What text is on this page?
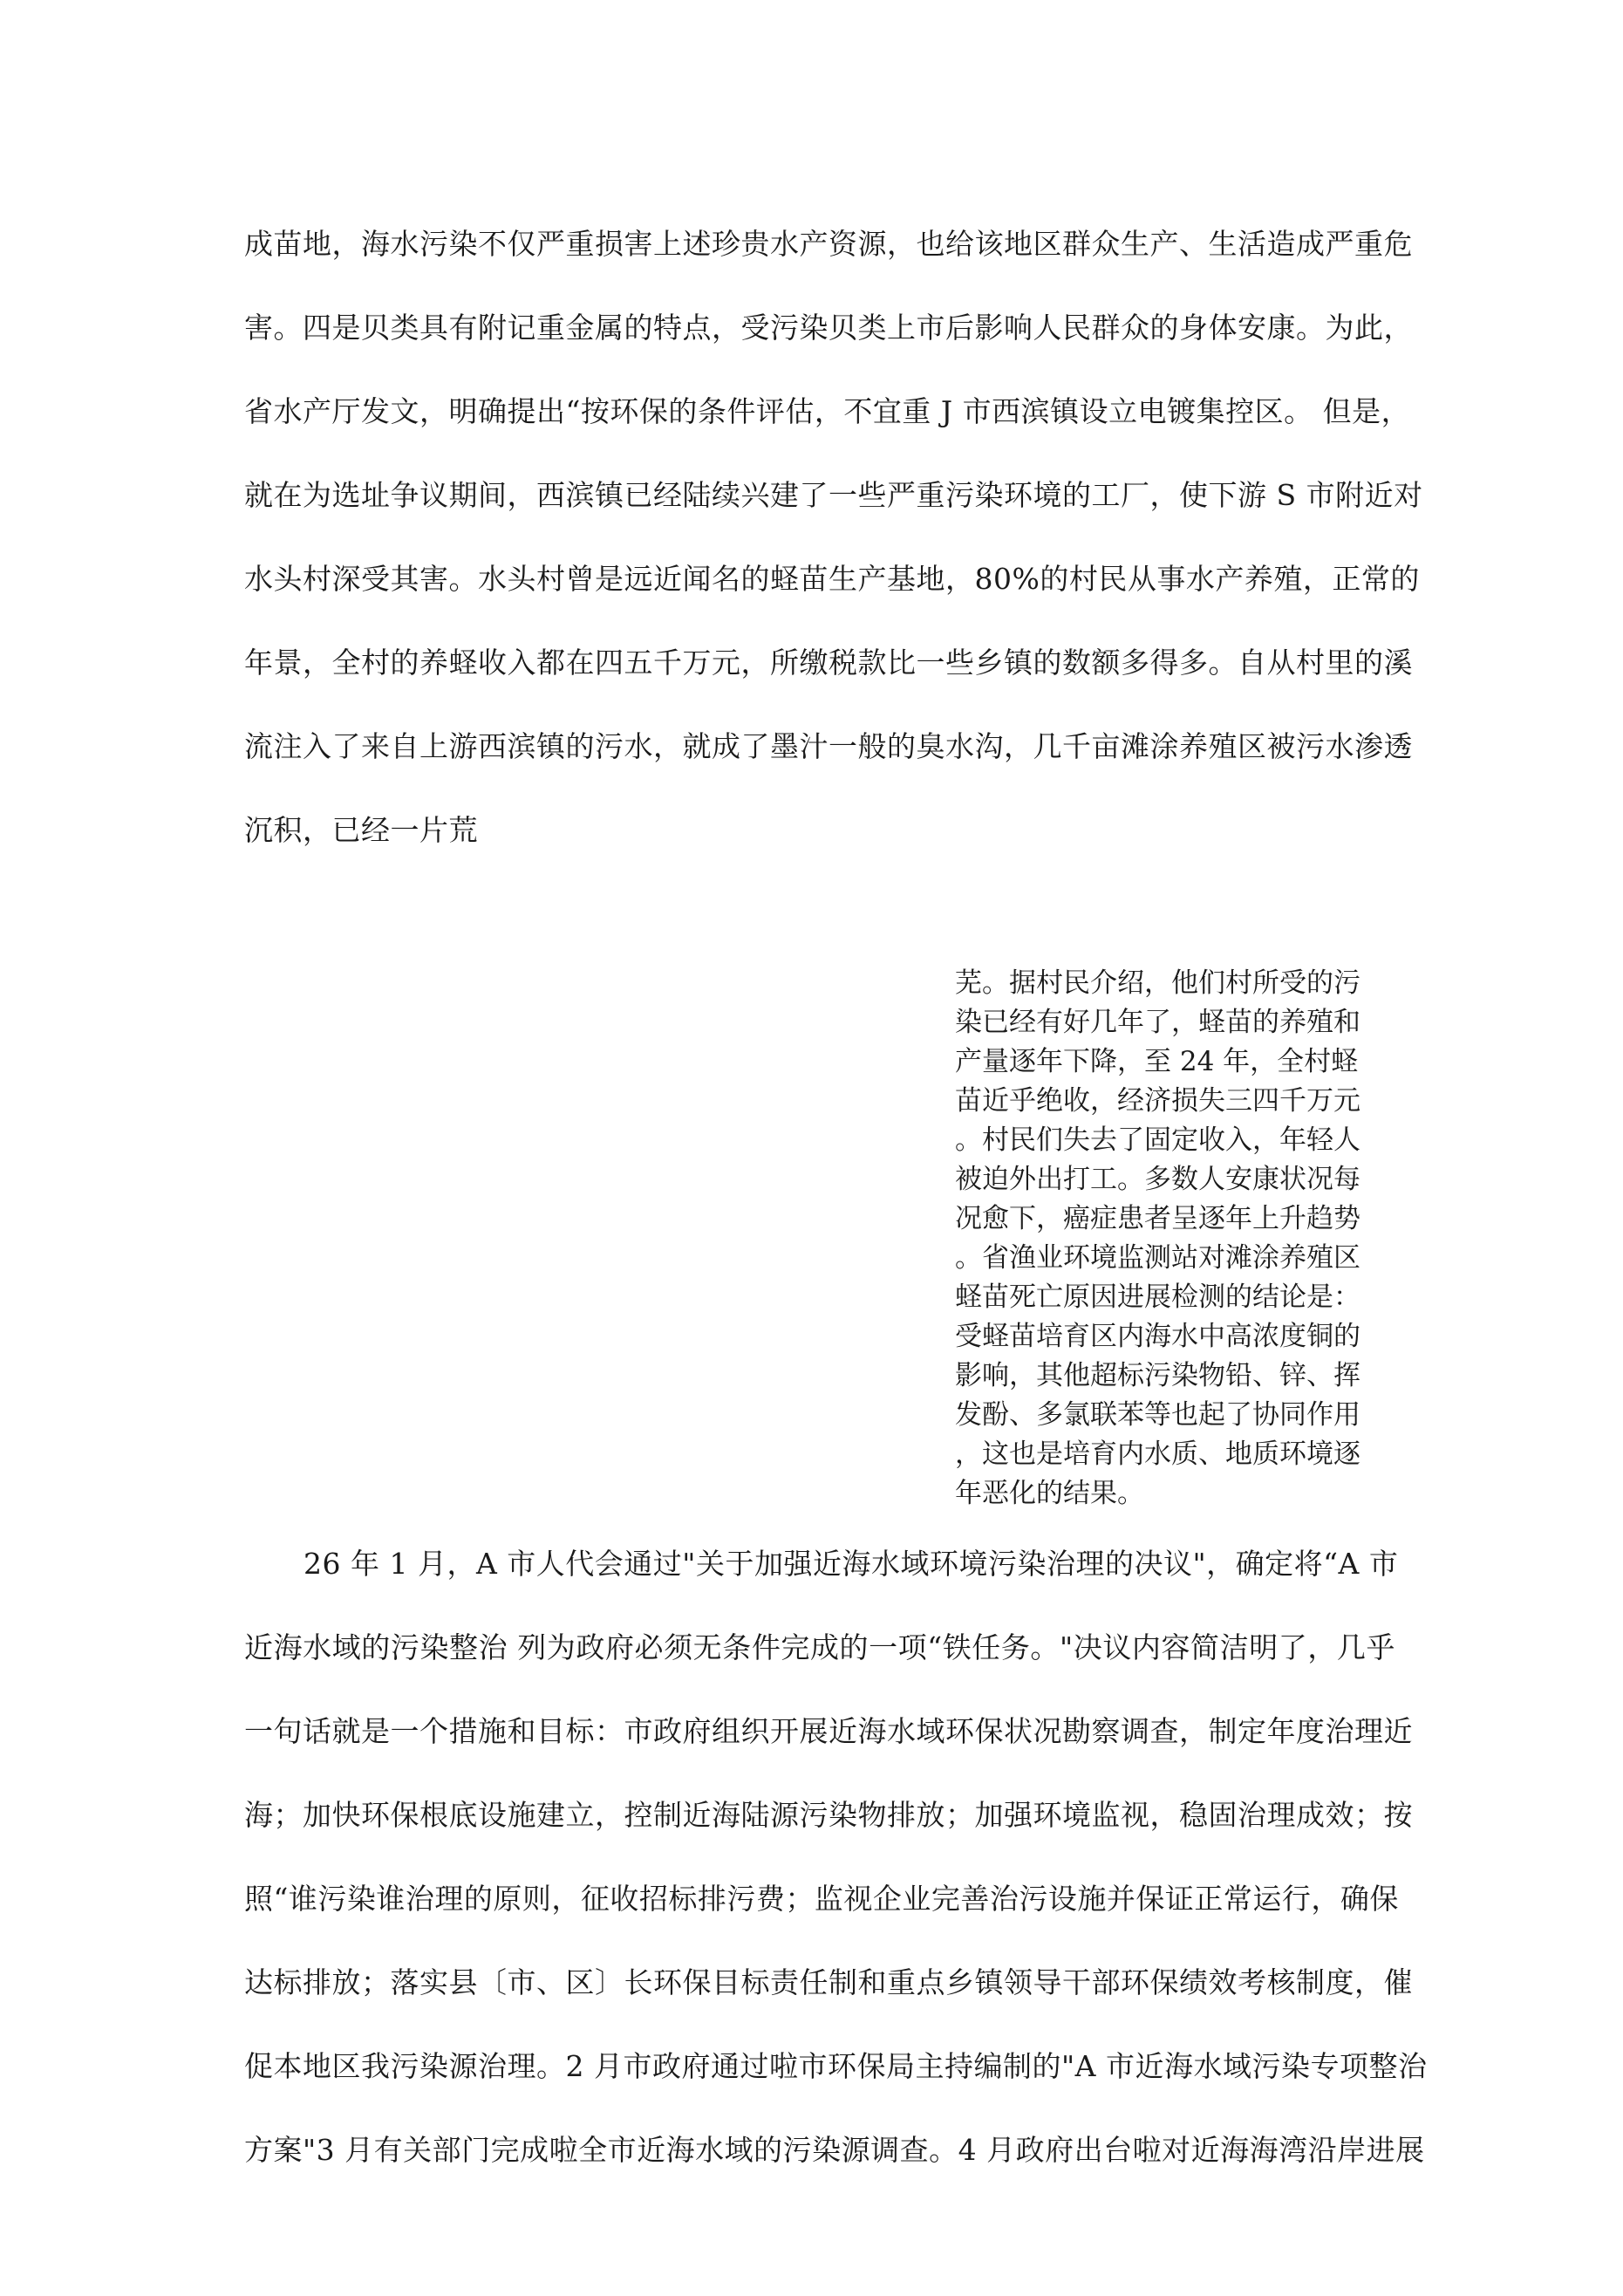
成苗地，海水污染不仅严重损害上述珍贵水产资源，也给该地区群众生产、生活造成严重危
害。四是贝类具有附记重金属的特点，受污染贝类上市后影响人民群众的身体安康。为此，
省水产厅发文，明确提出“按环保的条件评估，不宜重 J 市西滨镇设立电镀集控区。 但是，
就在为选址争议期间，西滨镇已经陆续兴建了一些严重污染环境的工厂，使下游 S 市附近对
水头村深受其害。水头村曾是远近闻名的蛏苗生产基地，80%的村民从事水产养殖，正常的
年景，全村的养蛏收入都在四五千万元，所缴税款比一些乡镇的数额多得多。自从村里的溪
流注入了来自上游西滨镇的污水，就成了墨汁一般的臭水沟，几千亩滩涂养殖区被污水渗透
沉积，已经一片荒
芜。据村民介绍，他们村所受的污
染已经有好几年了，蛏苗的养殖和
产量逐年下降，至 24 年，全村蛏
苗近乎绝收，经济损失三四千万元
。村民们失去了固定收入，年轻人
被迫外出打工。多数人安康状况每
况愈下，癌症患者呈逐年上升趋势
。省渔业环境监测站对滩涂养殖区
蛏苗死亡原因进展检测的结论是：
受蛏苗培育区内海水中高浓度铜的
影响，其他超标污染物铅、锌、挥
发酚、多氯联苯等也起了协同作用
，这也是培育内水质、地质环境逐
年恶化的结果。
26 年 1 月，A 市人代会通过"关于加强近海水域环境污染治理的决议"，确定将“A 市
近海水域的污染整治 列为政府必须无条件完成的一项“铁任务。"决议内容简洁明了，几乎
一句话就是一个措施和目标：市政府组织开展近海水域环保状况勘察调查，制定年度治理近
海；加快环保根底设施建立，控制近海陆源污染物排放；加强环境监视，稳固治理成效；按
照“谁污染谁治理的原则，征收招标排污费；监视企业完善治污设施并保证正常运行，确保
达标排放；落实县〔市、区〕长环保目标责任制和重点乡镇领导干部环保绩效考核制度，催
促本地区我污染源治理。2 月市政府通过啦市环保局主持编制的"A 市近海水域污染专项整治
方案"3 月有关部门完成啦全市近海水域的污染源调查。4 月政府出台啦对近海海湾沿岸进展
